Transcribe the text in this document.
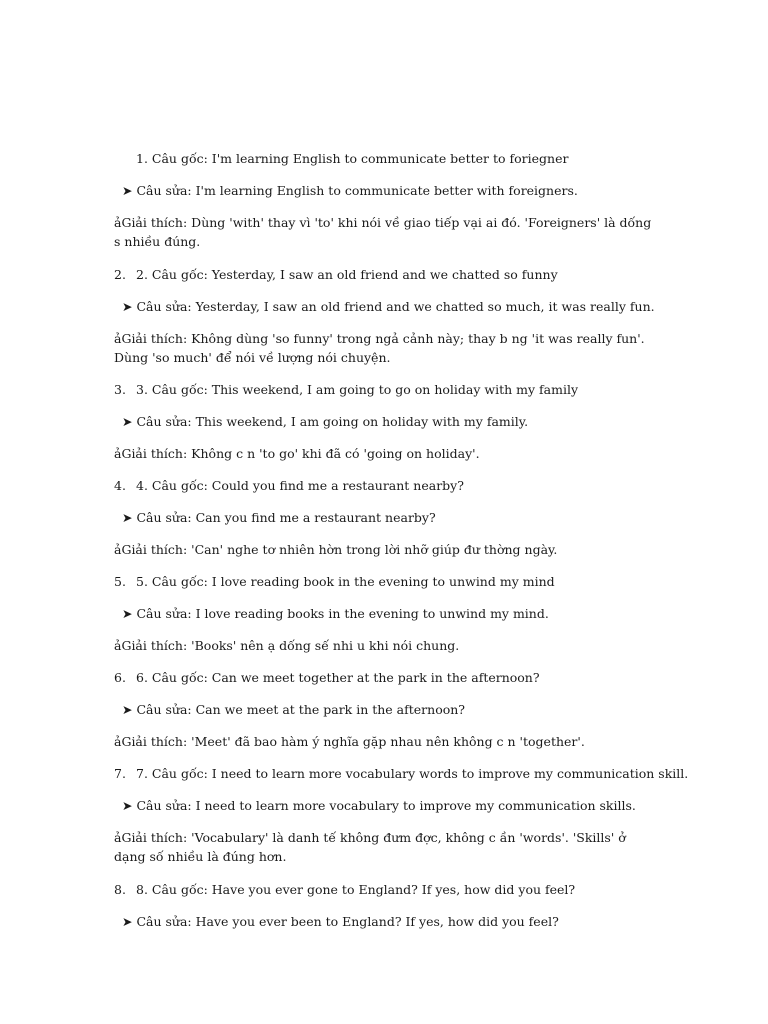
1. Câu gốc: I'm learning English to communicate better to foriegner
➤ Câu sửa: I'm learning English to communicate better with foreigners.
ảGiải thích: Dùng 'with' thay vì 'to' khi nói về giao tiếp vại ai đó. 'Foreigners' là dống s nhiều đúng.
2. 2. Câu gốc: Yesterday, I saw an old friend and we chatted so funny
➤ Câu sửa: Yesterday, I saw an old friend and we chatted so much, it was really fun.
ảGiải thích: Không dùng 'so funny' trong ngả cảnh này; thay b ng 'it was really fun'. Dùng 'so much' để nói về lượng nói chuyện.
3. 3. Câu gốc: This weekend, I am going to go on holiday with my family
➤ Câu sửa: This weekend, I am going on holiday with my family.
ảGiải thích: Không c n 'to go' khi đã có 'going on holiday'.
4. 4. Câu gốc: Could you find me a restaurant nearby?
➤ Câu sửa: Can you find me a restaurant nearby?
ảGiải thích: 'Can' nghe tơ nhiên hờn trong lời nhỡ giúp đư thờng ngày.
5. 5. Câu gốc: I love reading book in the evening to unwind my mind
➤ Câu sửa: I love reading books in the evening to unwind my mind.
ảGiải thích: 'Books' nên ạ dống sế nhi u khi nói chung.
6. 6. Câu gốc: Can we meet together at the park in the afternoon?
➤ Câu sửa: Can we meet at the park in the afternoon?
ảGiải thích: 'Meet' đã bao hàm ý nghĩa gặp nhau nên không c n 'together'.
7. 7. Câu gốc: I need to learn more vocabulary words to improve my communication skill.
➤ Câu sửa: I need to learn more vocabulary to improve my communication skills.
ảGiải thích: 'Vocabulary' là danh tế không đưm đợc, không c ần 'words'. 'Skills' ở dạng số nhiều là đúng hơn.
8. 8. Câu gốc: Have you ever gone to England? If yes, how did you feel?
➤ Câu sửa: Have you ever been to England? If yes, how did you feel?
